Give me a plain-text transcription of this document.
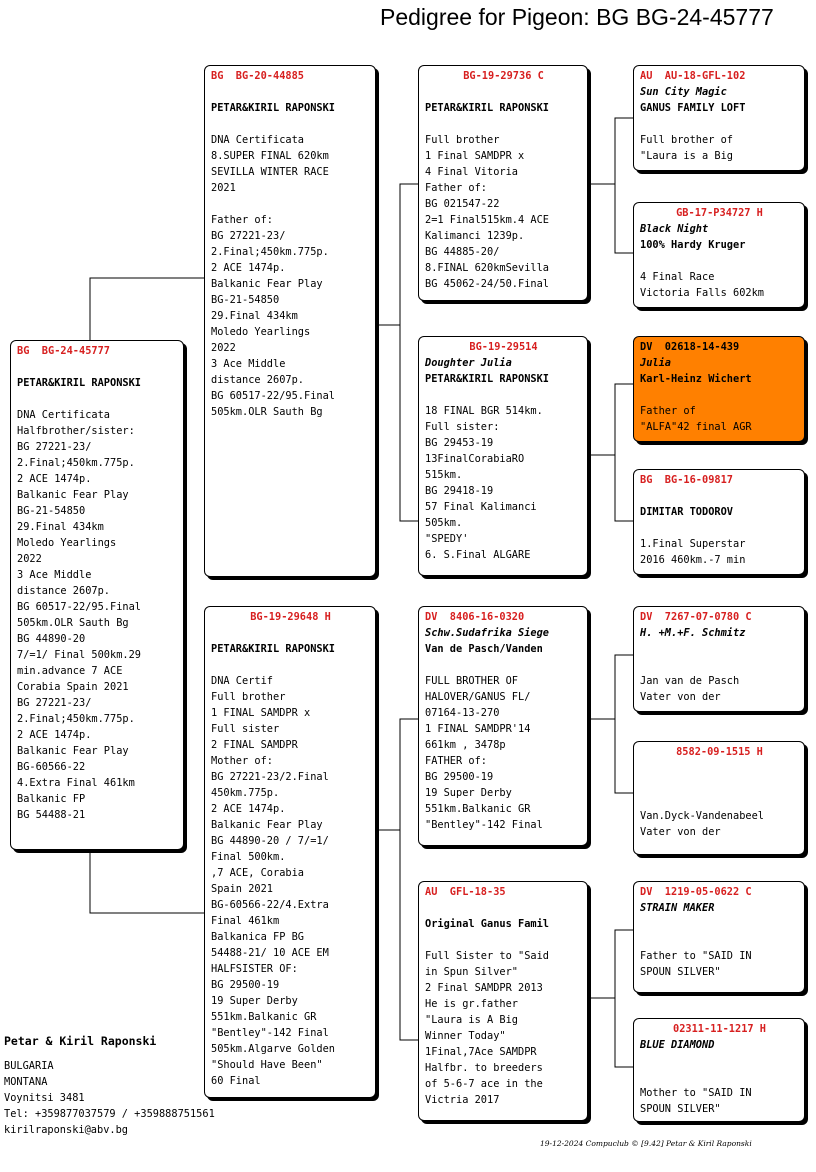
Pedigree for Pigeon: BG BG-24-45777
BG  BG-24-45777
PETAR&KIRIL RAPONSKI
DNA Certificata
Halfbrother/sister:
BG 27221-23/
2.Final;450km.775p.
2 ACE 1474p.
Balkanic Fear Play
BG-21-54850
29.Final 434km
Moledo Yearlings
2022
3 Ace Middle
distance 2607p.
BG 60517-22/95.Final
505km.OLR Sauth Bg
BG 44890-20
7/=1/ Final 500km.29
min.advance 7 ACE
Corabia Spain 2021
BG 27221-23/
2.Final;450km.775p.
2 ACE 1474p.
Balkanic Fear Play
BG-60566-22
4.Extra Final 461km
Balkanic FP
BG 54488-21
BG  BG-20-44885
PETAR&KIRIL RAPONSKI
DNA Certificata
8.SUPER FINAL 620km
SEVILLA WINTER RACE
2021
Father of:
BG 27221-23/
2.Final;450km.775p.
2 ACE 1474p.
Balkanic Fear Play
BG-21-54850
29.Final 434km
Moledo Yearlings
2022
3 Ace Middle
distance 2607p.
BG 60517-22/95.Final
505km.OLR Sauth Bg
BG-19-29648 H
PETAR&KIRIL RAPONSKI
DNA Certif
Full brother
1 FINAL SAMDPR x
Full sister
2 FINAL SAMDPR
Mother of:
BG 27221-23/2.Final
450km.775p.
2 ACE 1474p.
Balkanic Fear Play
BG 44890-20 / 7/=1/
Final 500km.
,7 ACE, Corabia
Spain 2021
BG-60566-22/4.Extra
Final 461km
Balkanica FP BG
54488-21/ 10 ACE EM
HALFSISTER OF:
BG 29500-19
19 Super Derby
551km.Balkanic GR
"Bentley"-142 Final
505km.Algarve Golden
"Should Have Been"
60 Final
BG-19-29736 C
PETAR&KIRIL RAPONSKI
Full brother
1 Final SAMDPR x
4 Final Vitoria
Father of:
BG 021547-22
2=1 Final515km.4 ACE
Kalimanci 1239p.
BG 44885-20/
8.FINAL 620kmSevilla
BG 45062-24/50.Final
BG-19-29514
Doughter Julia
PETAR&KIRIL RAPONSKI
18 FINAL BGR 514km.
Full sister:
BG 29453-19
13FinalCorabiaRO
515km.
BG 29418-19
57 Final Kalimanci
505km.
"SPEDY'
6. S.Final ALGARE
DV  8406-16-0320
Schw.Sudafrika Siege
Van de Pasch/Vanden
FULL BROTHER OF
HALOVER/GANUS FL/
07164-13-270
1 FINAL SAMDPR'14
661km , 3478p
FATHER of:
BG 29500-19
19 Super Derby
551km.Balkanic GR
"Bentley"-142 Final
AU  GFL-18-35
Original Ganus Famil
Full Sister to "Said
in Spun Silver"
2 Final SAMDPR 2013
He is gr.father
"Laura is A Big
Winner Today"
1Final,7Ace SAMDPR
Halfbr. to breeders
of 5-6-7 ace in the
Victria 2017
AU  AU-18-GFL-102
Sun City Magic
GANUS FAMILY LOFT
Full brother of
"Laura is a Big
GB-17-P34727 H
Black Night
100% Hardy Kruger
4 Final Race
Victoria Falls 602km
DV  02618-14-439
Julia
Karl-Heinz Wichert
Father of
"ALFA"42 final AGR
BG  BG-16-09817
DIMITAR TODOROV
1.Final Superstar
2016 460km.-7 min
DV  7267-07-0780 C
H. +M.+F. Schmitz
Jan van de Pasch
Vater von der
8582-09-1515 H
Van.Dyck-Vandenabeel
Vater von der
DV  1219-05-0622 C
STRAIN MAKER
Father to "SAID IN
SPOUN SILVER"
02311-11-1217 H
BLUE DIAMOND
Mother to "SAID IN
SPOUN SILVER"
Petar & Kiril Raponski
BULGARIA
MONTANA
Voynitsi 3481
Tel: +359877037579 / +359888751561
kirilraponski@abv.bg
19-12-2024 Compuclub © [9.42] Petar & Kiril Raponski
